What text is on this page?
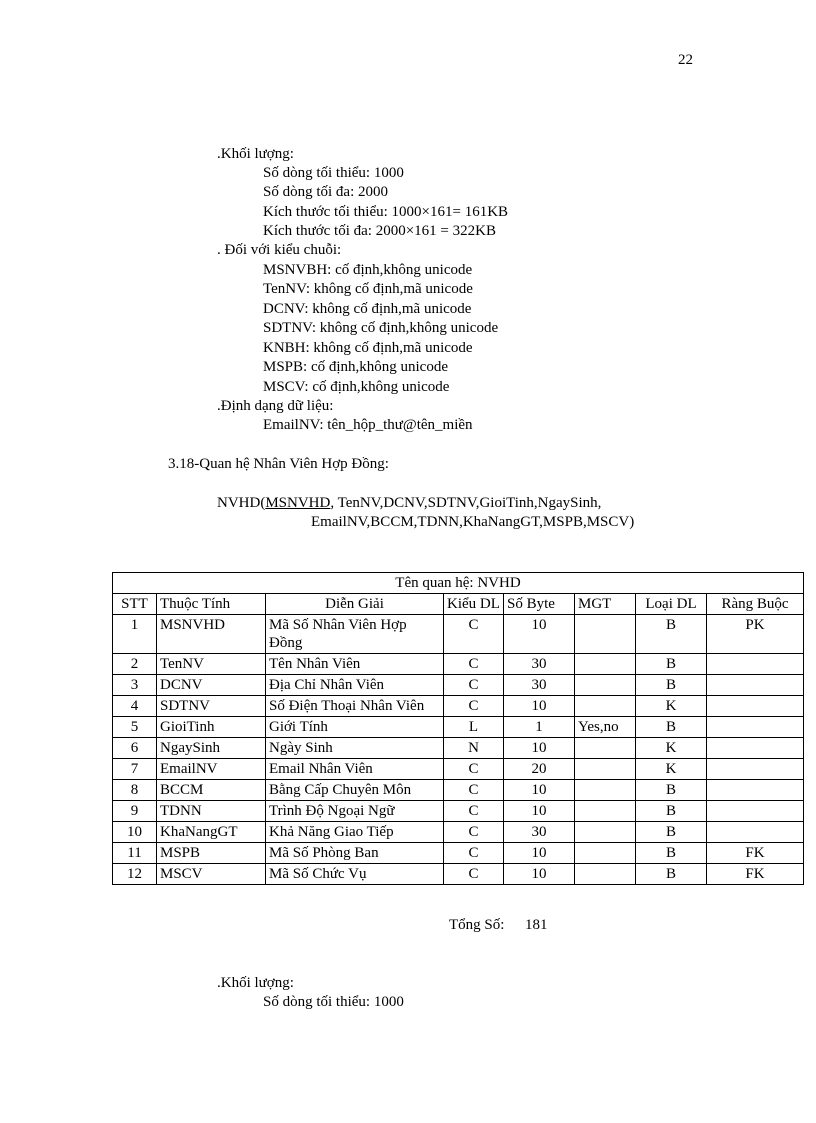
22
.Khối lượng:
Số dòng tối thiểu: 1000
Số dòng tối đa: 2000
Kích thước tối thiểu: 1000×161= 161KB
Kích thước tối đa: 2000×161 = 322KB
. Đối với kiểu chuỗi:
MSNVBH: cố định,không unicode
TenNV: không cố định,mã unicode
DCNV: không cố định,mã unicode
SDTNV: không cố định,không unicode
KNBH: không cố định,mã unicode
MSPB: cố định,không unicode
MSCV: cố định,không unicode
.Định dạng dữ liệu:
EmailNV: tên_hộp_thư@tên_miền
3.18-Quan hệ Nhân Viên Hợp Đồng:
NVHD(MSNVHD, TenNV,DCNV,SDTNV,GioiTinh,NgaySinh,
EmailNV,BCCM,TDNN,KhaNangGT,MSPB,MSCV)
Tên quan hệ: NVHD							
STT	Thuộc Tính	Diễn Giải	Kiểu DL	Số Byte	MGT	Loại DL	Ràng Buộc
1	MSNVHD	Mã Số Nhân Viên Hợp Đồng	C	10		B	PK
2	TenNV	Tên Nhân Viên	C	30		B	
3	DCNV	Địa Chỉ Nhân Viên	C	30		B	
4	SDTNV	Số Điện Thoại Nhân Viên	C	10		K	
5	GioiTinh	Giới Tính	L	1	Yes,no	B	
6	NgaySinh	Ngày Sinh	N	10		K	
7	EmailNV	Email Nhân Viên	C	20		K	
8	BCCM	Bằng Cấp Chuyên Môn	C	10		B	
9	TDNN	Trình Độ Ngoại Ngữ	C	10		B	
10	KhaNangGT	Khả Năng Giao Tiếp	C	30		B	
11	MSPB	Mã Số Phòng Ban	C	10		B	FK
12	MSCV	Mã Số Chức Vụ	C	10		B	FK
Tổng Số: 181
.Khối lượng:
Số dòng tối thiểu: 1000
